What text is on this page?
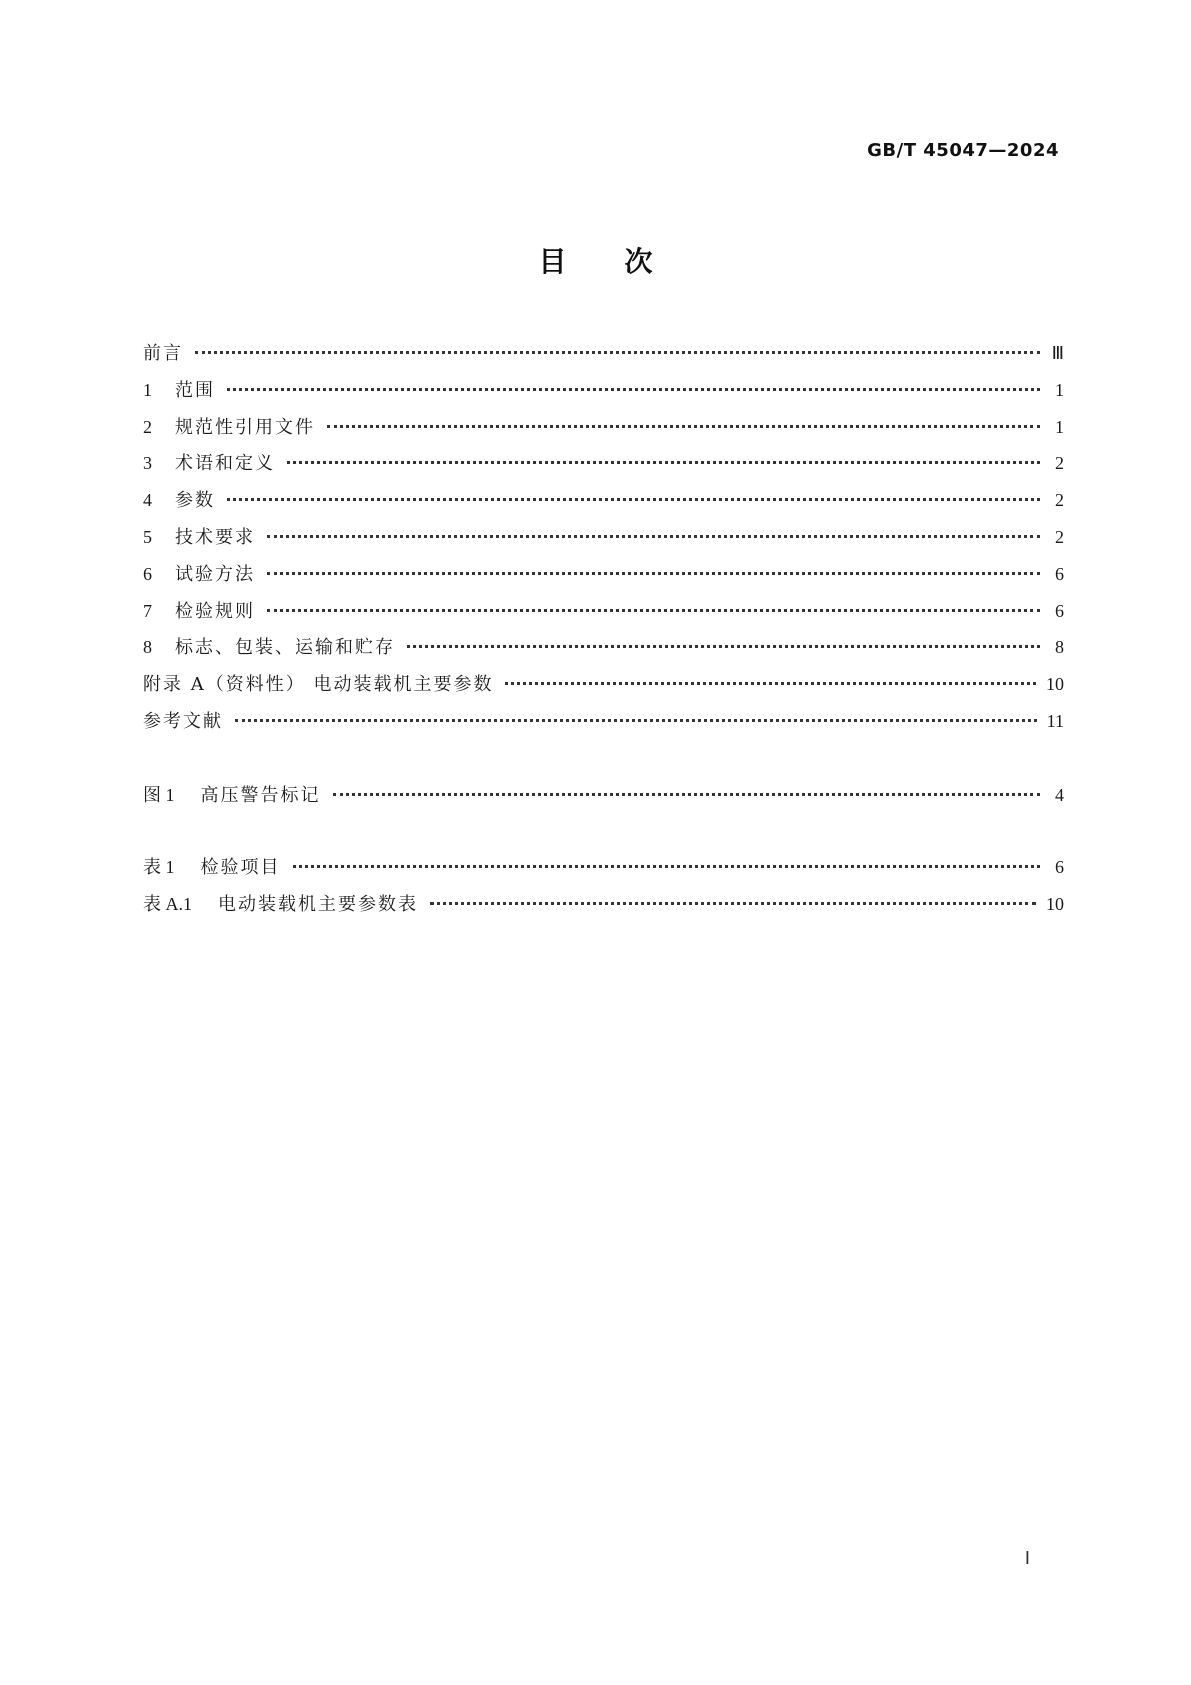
GB/T 45047—2024
目次
前言	Ⅲ
1	范围	1
2	规范性引用文件	1
3	术语和定义	2
4	参数	2
5	技术要求	2
6	试验方法	6
7	检验规则	6
8	标志、包装、运输和贮存	8
附录 A（资料性） 电动装载机主要参数	10
参考文献	11
图 1 高压警告标记	4
表 1 检验项目	6
表 A.1 电动装载机主要参数表	10
Ⅰ
